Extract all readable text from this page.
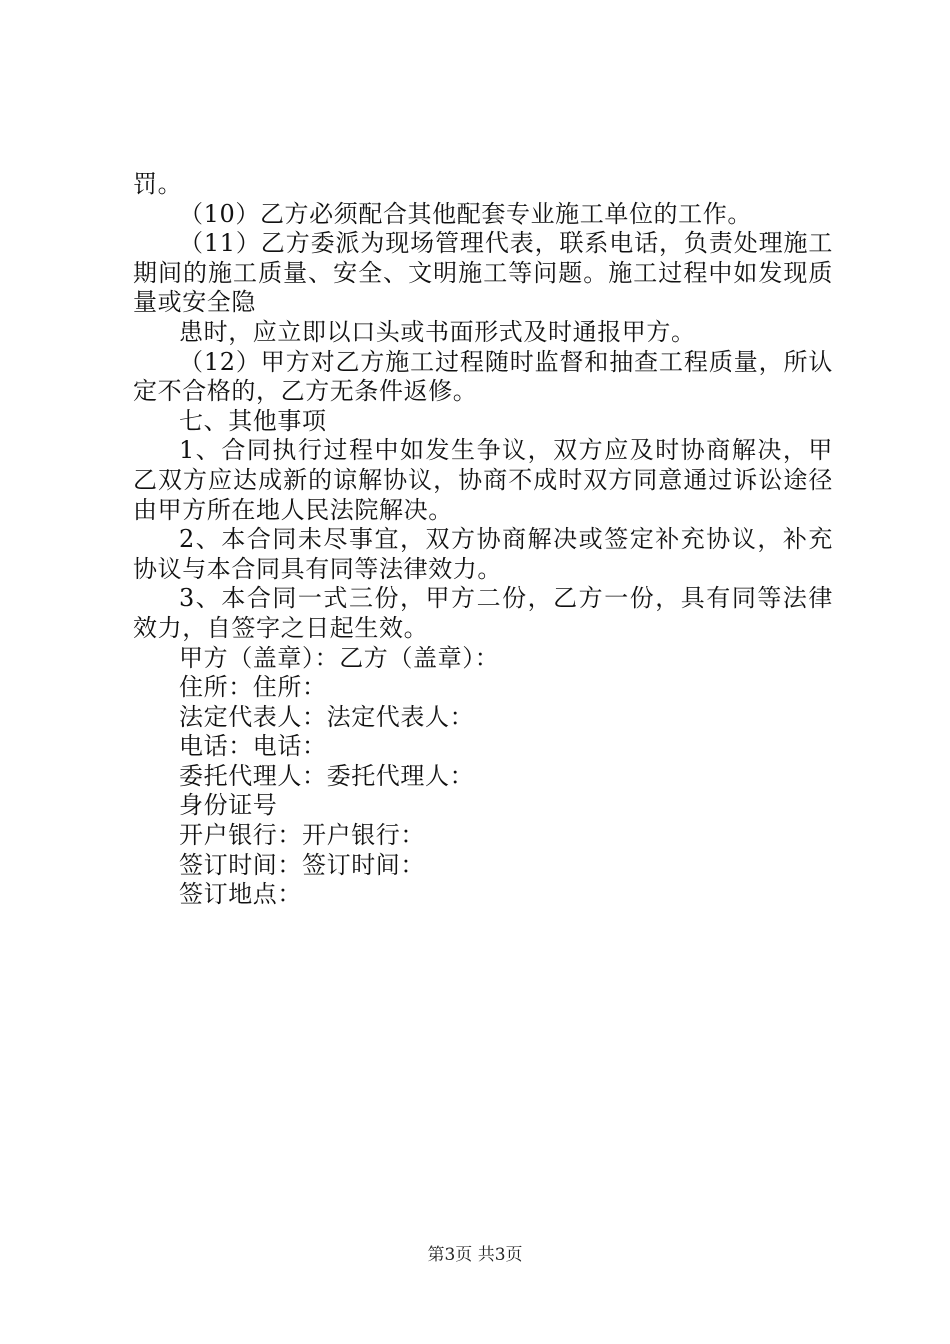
罚。

（10）乙方必须配合其他配套专业施工单位的工作。

（11）乙方委派为现场管理代表，联系电话，负责处理施工期间的施工质量、安全、文明施工等问题。施工过程中如发现质量或安全隐

患时，应立即以口头或书面形式及时通报甲方。

（12）甲方对乙方施工过程随时监督和抽查工程质量，所认定不合格的，乙方无条件返修。

七、其他事项

1、合同执行过程中如发生争议，双方应及时协商解决，甲乙双方应达成新的谅解协议，协商不成时双方同意通过诉讼途径由甲方所在地人民法院解决。

2、本合同未尽事宜，双方协商解决或签定补充协议，补充协议与本合同具有同等法律效力。

3、本合同一式三份，甲方二份，乙方一份，具有同等法律效力，自签字之日起生效。

甲方（盖章）：乙方（盖章）：

住所：住所：

法定代表人：法定代表人：

电话：电话：

委托代理人：委托代理人：

身份证号

开户银行：开户银行：

签订时间：签订时间：

签订地点：

第3页 共3页
